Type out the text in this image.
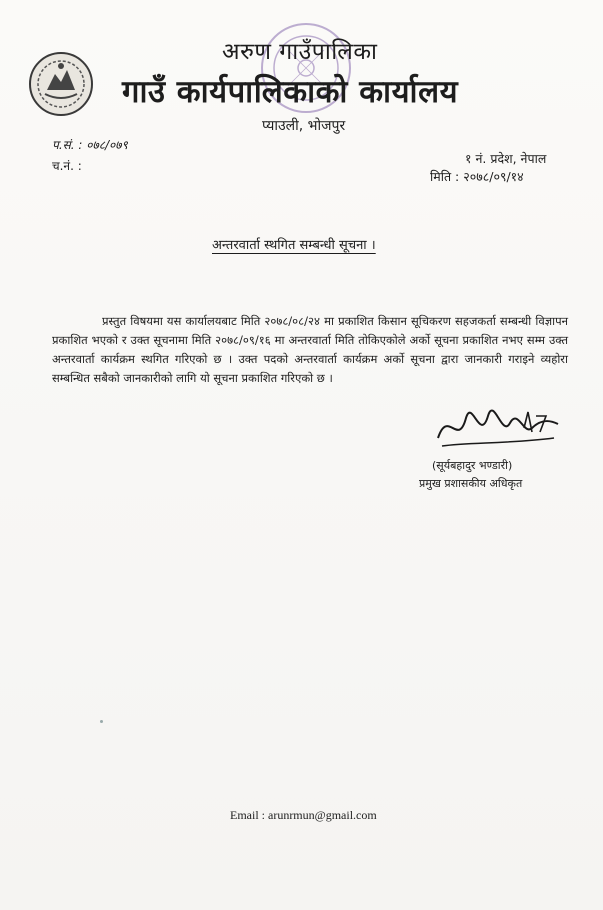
अरुण गाउँपालिका
गाउँ कार्यपालिकाको कार्यालय
प्याउली, भोजपुर
प.सं. : ०७८/०७९
च.नं. :	१ नं. प्रदेश, नेपाल
मिति : २०७८/०९/१४
अन्तरवार्ता स्थगित सम्बन्धी सूचना ।
प्रस्तुत विषयमा यस कार्यालयबाट मिति २०७८/०८/२४ मा प्रकाशित किसान सूचिकरण सहजकर्ता सम्बन्धी विज्ञापन प्रकाशित भएको र उक्त सूचनामा मिति २०७८/०९/१६ मा अन्तरवार्ता मिति तोकिएकोले अर्को सूचना प्रकाशित नभए सम्म उक्त अन्तरवार्ता कार्यक्रम स्थगित गरिएको छ । उक्त पदको अन्तरवार्ता कार्यक्रम अर्को सूचना द्वारा जानकारी गराइने व्यहोरा सम्बन्धित सबैको जानकारीको लागि यो सूचना प्रकाशित गरिएको छ ।
(सूर्यबहादुर भण्डारी)
प्रमुख प्रशासकीय अधिकृत
Email : arunrmun@gmail.com
